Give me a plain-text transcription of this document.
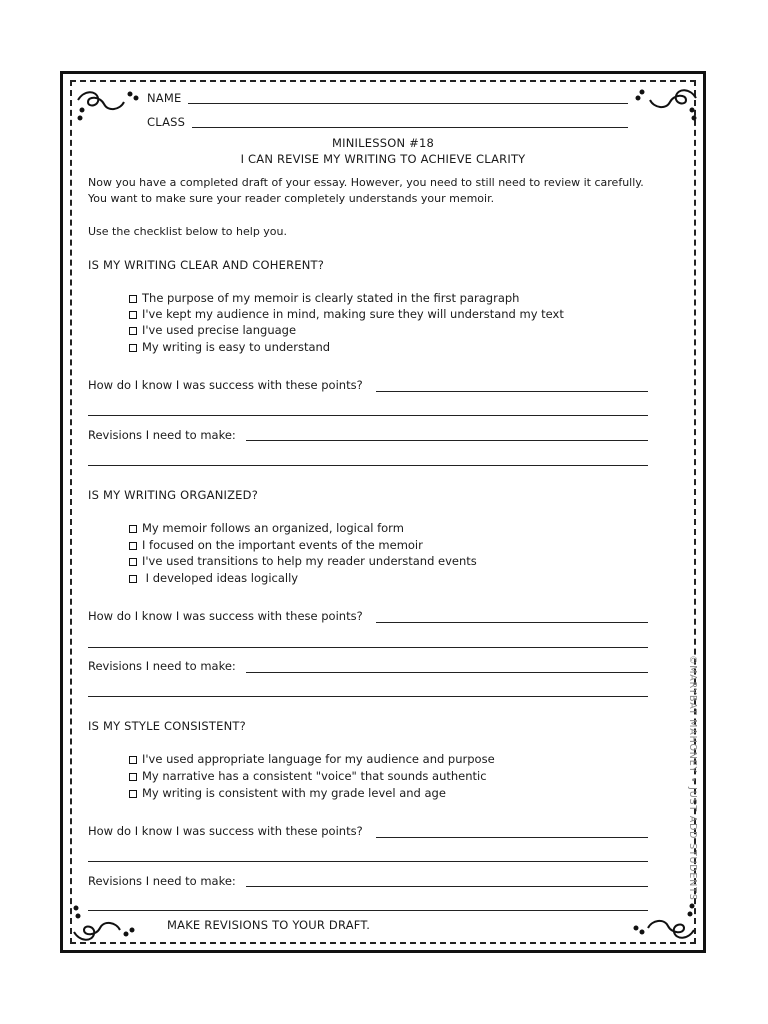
NAME
CLASS
MINILESSON #18
I CAN REVISE MY WRITING TO ACHIEVE CLARITY
Now you have a completed draft of your essay. However, you need to still need to review it carefully.
You want to make sure your reader completely understands your memoir.
Use the checklist below to help you.
IS MY WRITING CLEAR AND COHERENT?
The purpose of my memoir is clearly stated in the first paragraph
I've kept my audience in mind, making sure they will understand my text
I've used precise language
My writing is easy to understand
How do I know I was success with these points?
Revisions I need to make:
IS MY WRITING ORGANIZED?
My memoir follows an organized, logical form
I focused on the important events of the memoir
I've used transitions to help my reader understand events
I developed ideas logically
How do I know I was success with these points?
Revisions I need to make:
IS MY STYLE CONSISTENT?
I've used appropriate language for my audience and purpose
My narrative has a consistent "voice" that sounds authentic
My writing is consistent with my grade level and age
How do I know I was success with these points?
Revisions I need to make:
MAKE REVISIONS TO YOUR DRAFT.
©MARYBAT MAHONEY • JUST ADD STUDENTS
